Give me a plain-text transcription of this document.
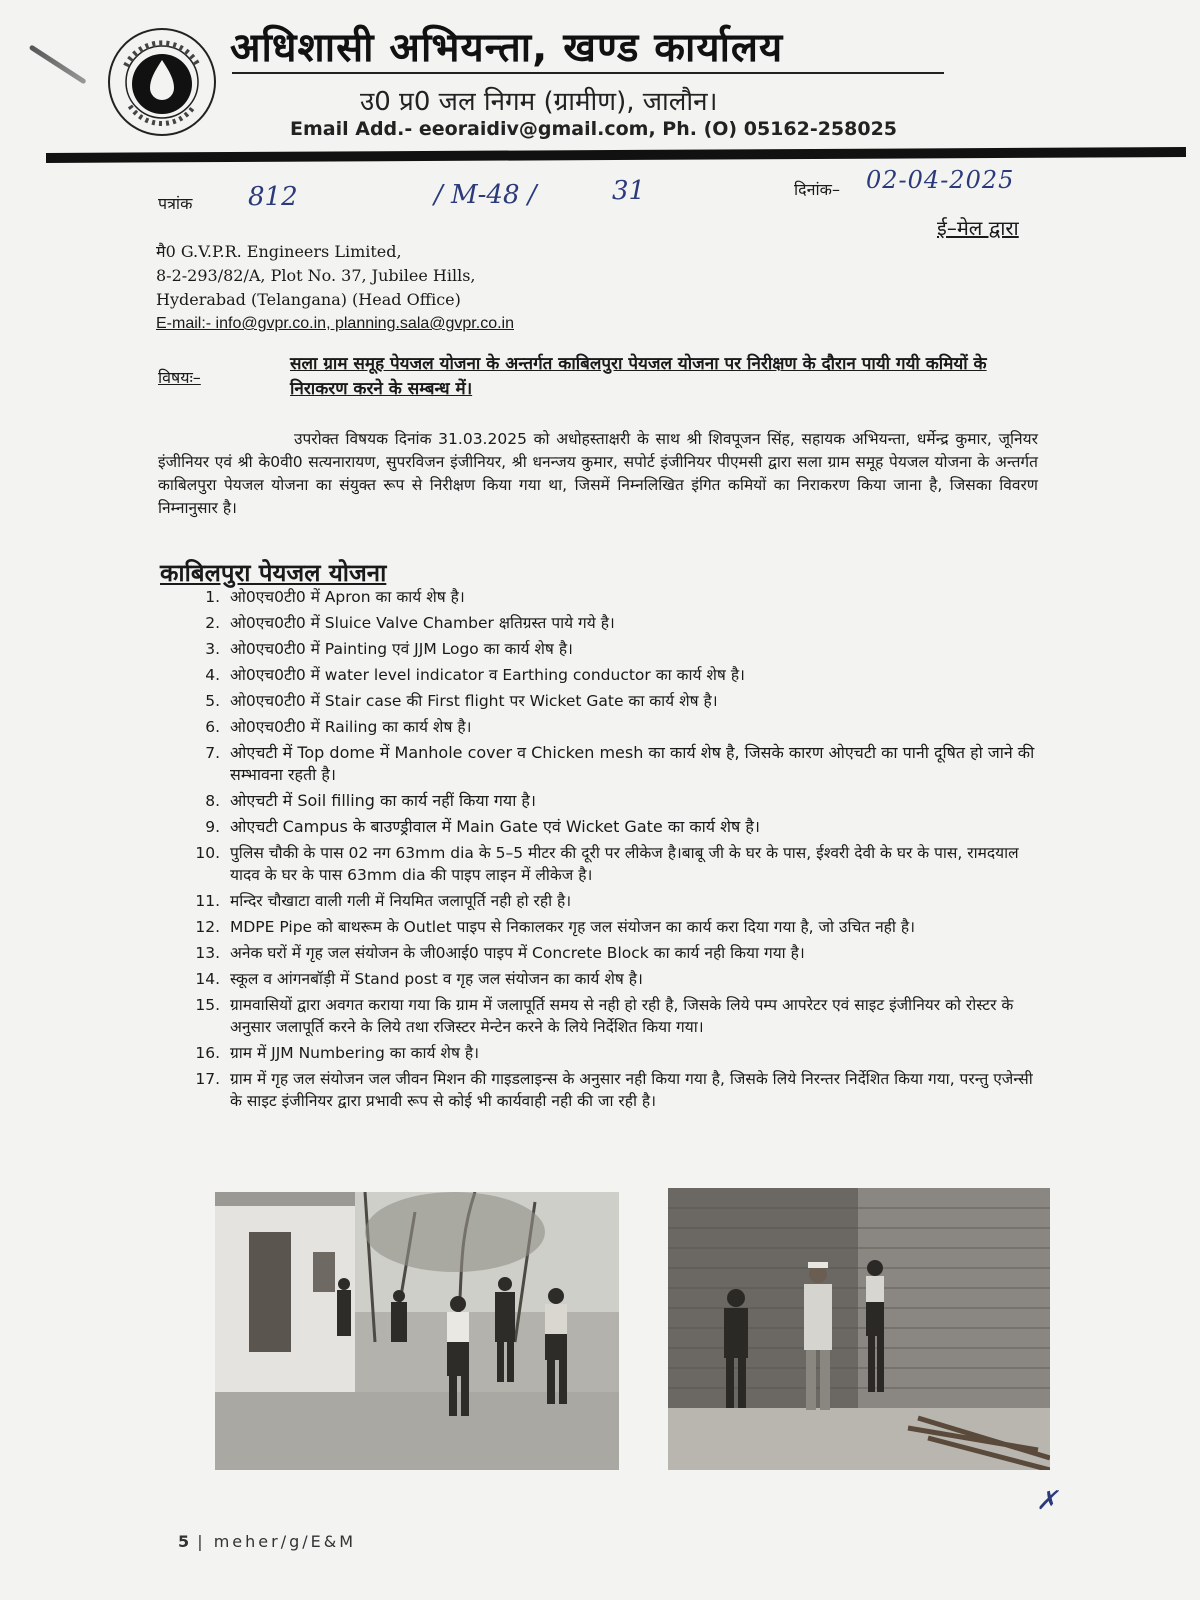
अधिशासी अभियन्ता, खण्ड कार्यालय
उ0 प्र0 जल निगम (ग्रामीण), जालौन।
Email Add.- eeoraidiv@gmail.com, Ph. (O) 05162-258025
पत्रांक 812	/ M-48 /	31	दिनांक– 02-04-2025
ई–मेल द्वारा
मै0 G.V.P.R. Engineers Limited,
8-2-293/82/A, Plot No. 37, Jubilee Hills,
Hyderabad (Telangana) (Head Office)
E-mail:- info@gvpr.co.in, planning.sala@gvpr.co.in
विषयः–
सला ग्राम समूह पेयजल योजना के अन्तर्गत काबिलपुरा पेयजल योजना पर निरीक्षण के दौरान पायी गयी कमियों के निराकरण करने के सम्बन्ध में।
उपरोक्त विषयक दिनांक 31.03.2025 को अधोहस्ताक्षरी के साथ श्री शिवपूजन सिंह, सहायक अभियन्ता, धर्मेन्द्र कुमार, जूनियर इंजीनियर एवं श्री के0वी0 सत्यनारायण, सुपरविजन इंजीनियर, श्री धनन्जय कुमार, सपोर्ट इंजीनियर पीएमसी द्वारा सला ग्राम समूह पेयजल योजना के अन्तर्गत काबिलपुरा पेयजल योजना का संयुक्त रूप से निरीक्षण किया गया था, जिसमें निम्नलिखित इंगित कमियों का निराकरण किया जाना है, जिसका विवरण निम्नानुसार है।
काबिलपुरा पेयजल योजना
1. ओ0एच0टी0 में Apron का कार्य शेष है।
2. ओ0एच0टी0 में Sluice Valve Chamber क्षतिग्रस्त पाये गये है।
3. ओ0एच0टी0 में Painting एवं JJM Logo का कार्य शेष है।
4. ओ0एच0टी0 में water level indicator व Earthing conductor का कार्य शेष है।
5. ओ0एच0टी0 में Stair case की First flight पर Wicket Gate का कार्य शेष है।
6. ओ0एच0टी0 में Railing का कार्य शेष है।
7. ओएचटी में Top dome में Manhole cover व Chicken mesh का कार्य शेष है, जिसके कारण ओएचटी का पानी दूषित हो जाने की सम्भावना रहती है।
8. ओएचटी में Soil filling का कार्य नहीं किया गया है।
9. ओएचटी Campus के बाउण्ड्रीवाल में Main Gate एवं Wicket Gate का कार्य शेष है।
10. पुलिस चौकी के पास 02 नग 63mm dia के 5–5 मीटर की दूरी पर लीकेज है।बाबू जी के घर के पास, ईश्वरी देवी के घर के पास, रामदयाल यादव के घर के पास 63mm dia की पाइप लाइन में लीकेज है।
11. मन्दिर चौखाटा वाली गली में नियमित जलापूर्ति नही हो रही है।
12. MDPE Pipe को बाथरूम के Outlet पाइप से निकालकर गृह जल संयोजन का कार्य करा दिया गया है, जो उचित नही है।
13. अनेक घरों में गृह जल संयोजन के जी0आई0 पाइप में Concrete Block का कार्य नही किया गया है।
14. स्कूल व आंगनबॉड़ी में Stand post व गृह जल संयोजन का कार्य शेष है।
15. ग्रामवासियों द्वारा अवगत कराया गया कि ग्राम में जलापूर्ति समय से नही हो रही है, जिसके लिये पम्प आपरेटर एवं साइट इंजीनियर को रोस्टर के अनुसार जलापूर्ति करने के लिये तथा रजिस्टर मेन्टेन करने के लिये निर्देशित किया गया।
16. ग्राम में JJM Numbering का कार्य शेष है।
17. ग्राम में गृह जल संयोजन जल जीवन मिशन की गाइडलाइन्स के अनुसार नही किया गया है, जिसके लिये निरन्तर निर्देशित किया गया, परन्तु एजेन्सी के साइट इंजीनियर द्वारा प्रभावी रूप से कोई भी कार्यवाही नही की जा रही है।
✗
5 | meher/g/E&M
